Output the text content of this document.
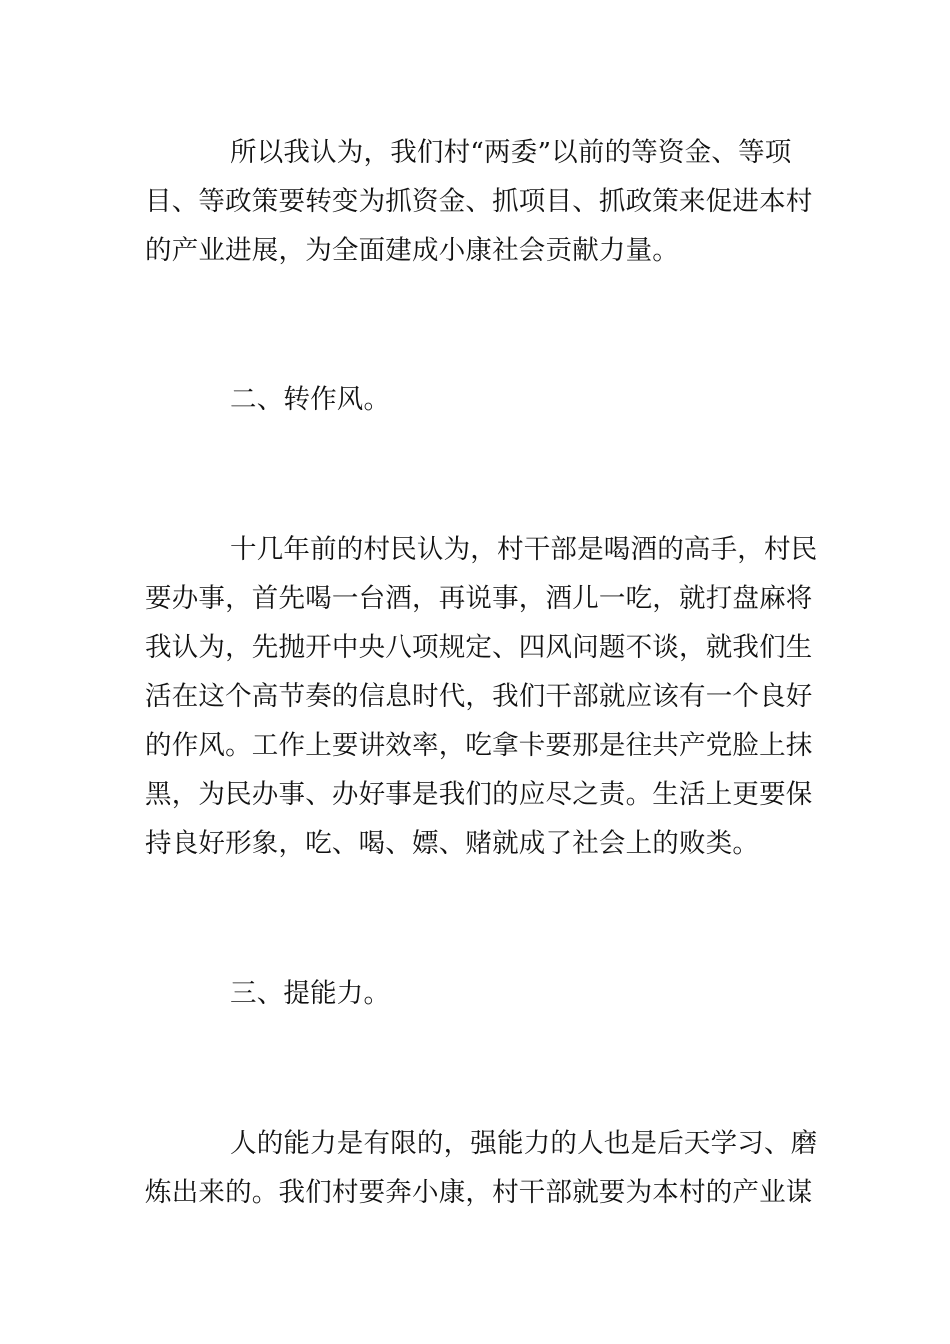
所以我认为，我们村“两委”以前的等资金、等项
目、等政策要转变为抓资金、抓项目、抓政策来促进本村
的产业进展，为全面建成小康社会贡献力量。
二、转作风。
十几年前的村民认为，村干部是喝酒的高手，村民
要办事，首先喝一台酒，再说事，酒儿一吃，就打盘麻将
我认为，先抛开中央八项规定、四风问题不谈，就我们生
活在这个高节奏的信息时代，我们干部就应该有一个良好
的作风。工作上要讲效率，吃拿卡要那是往共产党脸上抹
黑，为民办事、办好事是我们的应尽之责。生活上更要保
持良好形象，吃、喝、嫖、赌就成了社会上的败类。
三、提能力。
人的能力是有限的，强能力的人也是后天学习、磨
炼出来的。我们村要奔小康，村干部就要为本村的产业谋
